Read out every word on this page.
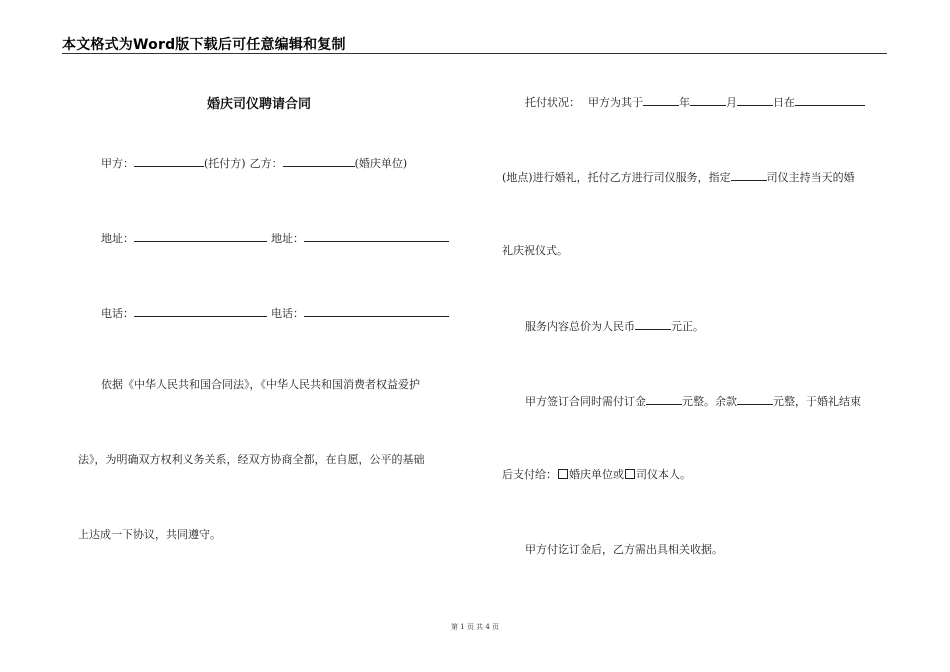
本文格式为Word版下载后可任意编辑和复制
婚庆司仪聘请合同
甲方：	(托付方) 乙方：	(婚庆单位)
地址：	地址：
电话：	电话：
依据《中华人民共和国合同法》，《中华人民共和国消费者权益爱护
法》，为明确双方权利义务关系，经双方协商全都，在自愿，公平的基础
上达成一下协议，共同遵守。
托付状况： 甲方为其于	年	月	日在
(地点)进行婚礼，托付乙方进行司仪服务，指定	司仪主持当天的婚
礼庆祝仪式。
服务内容总价为人民币	元正。
甲方签订合同时需付订金	元整。余款	元整，于婚礼结束
后支付给： 婚庆单位或 司仪本人。
甲方付讫订金后，乙方需出具相关收据。
第 1 页 共 4 页
